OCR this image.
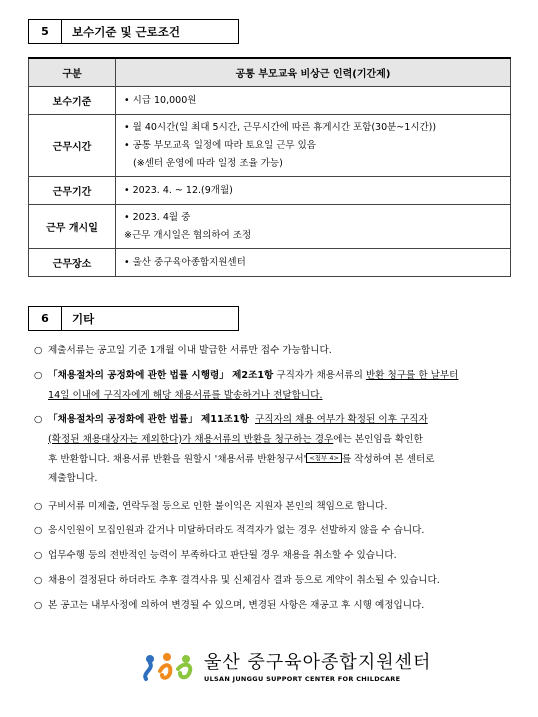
5	보수기준 및 근로조건
구분	공통 부모교육 비상근 인력(기간제)
보수기준	• 시급 10,000원

근무시간	• 월 40시간(일 최대 5시간, 근무시간에 따른 휴게시간 포함(30분~1시간))
• 공통 부모교육 일정에 따라 토요일 근무 있음
(※센터 운영에 따라 일정 조율 가능)

근무기간	• 2023. 4. ~ 12.(9개월)

근무 개시일	• 2023. 4월 중
※근무 개시일은 협의하여 조정

근무장소	• 울산 중구육아종합지원센터
6	기타
○ 제출서류는 공고일 기준 1개월 이내 발급한 서류만 접수 가능합니다.
○ 「채용절차의 공정화에 관한 법률 시행령」 제2조1항 구직자가 채용서류의 반환 청구를 한 날부터
14일 이내에 구직자에게 해당 채용서류를 발송하거나 전달합니다.
○ 「채용절차의 공정화에 관한 법률」 제11조1항 구직자의 채용 여부가 확정된 이후 구직자
(확정된 채용대상자는 제외한다)가 채용서류의 반환을 청구하는 경우에는 본인임을 확인한
후 반환합니다. 채용서류 반환을 원할시 '채용서류 반환청구서' <첨부 4> 를 작성하여 본 센터로
제출합니다.
○ 구비서류 미제출, 연락두절 등으로 인한 불이익은 지원자 본인의 책임으로 합니다.
○ 응시인원이 모집인원과 같거나 미달하더라도 적격자가 없는 경우 선발하지 않을 수 습니다.
○ 업무수행 등의 전반적인 능력이 부족하다고 판단될 경우 채용을 취소할 수 있습니다.
○ 채용이 결정된다 하더라도 추후 결격사유 및 신체검사 결과 등으로 계약이 취소될 수 있습니다.
○ 본 공고는 내부사정에 의하여 변경될 수 있으며, 변경된 사항은 재공고 후 시행 예정입니다.
울산 중구육아종합지원센터
ULSAN JUNGGU SUPPORT CENTER FOR CHILDCARE
